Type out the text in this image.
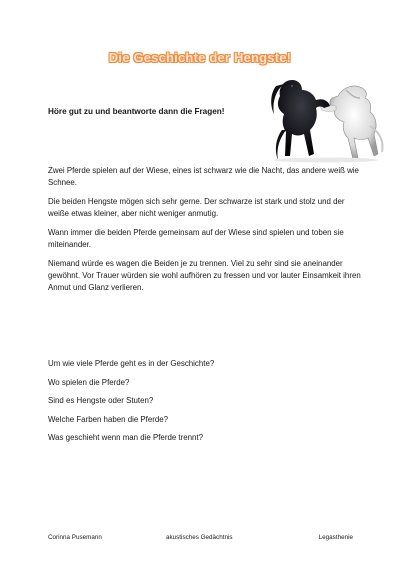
Die Geschichte der Hengste!
Höre gut zu und beantworte dann die Fragen!

Zwei Pferde spielen auf der Wiese, eines ist schwarz wie die Nacht, das andere weiß wie Schnee.

Die beiden Hengste mögen sich sehr gerne. Der schwarze ist stark und stolz und der weiße etwas kleiner, aber nicht weniger anmutig.

Wann immer die beiden Pferde gemeinsam auf der Wiese sind spielen und toben sie miteinander.

Niemand würde es wagen die Beiden je zu trennen. Viel zu sehr sind sie aneinander gewöhnt. Vor Trauer würden sie wohl aufhören zu fressen und vor lauter Einsamkeit ihren Anmut und Glanz verlieren.

Um wie viele Pferde geht es in der Geschichte?
Wo spielen die Pferde?
Sind es Hengste oder Stuten?
Welche Farben haben die Pferde?
Was geschieht wenn man die Pferde trennt?
Corinna Pusemann	akustisches Gedächtnis	Legasthenie
